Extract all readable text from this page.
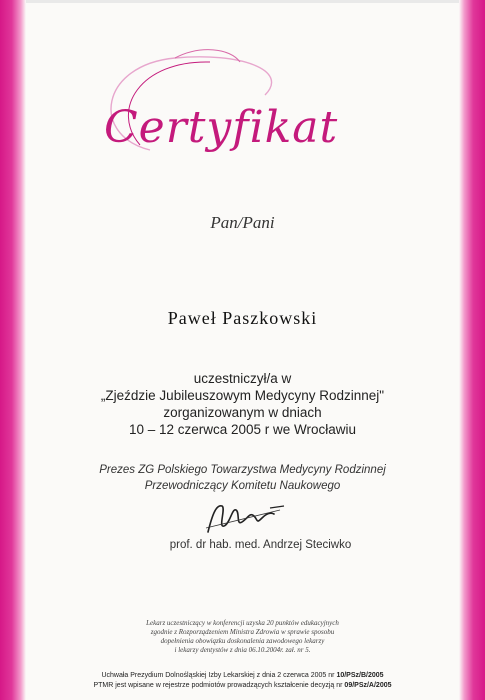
Certyfikat
Pan/Pani
Paweł Paszkowski
uczestniczył/a w
„Zjeździe Jubileuszowym Medycyny Rodzinnej"
zorganizowanym w dniach
10 – 12 czerwca 2005 r we Wrocławiu
Prezes ZG Polskiego Towarzystwa Medycyny Rodzinnej
Przewodniczący Komitetu Naukowego
prof. dr hab. med. Andrzej Steciwko
Lekarz uczestniczący w konferencji uzyska 20 punktów edukacyjnych
zgodnie z Rozporządzeniem Ministra Zdrowia w sprawie sposobu
dopełnienia obowiązku doskonalenia zawodowego lekarzy
i lekarzy dentystów z dnia 06.10.2004r. zał. nr 5.
Uchwała Prezydium Dolnośląskiej Izby Lekarskiej z dnia 2 czerwca 2005 nr 10/PSz/B/2005
PTMR jest wpisane w rejestrze podmiotów prowadzących kształcenie decyzją nr 09/PSz/A/2005
